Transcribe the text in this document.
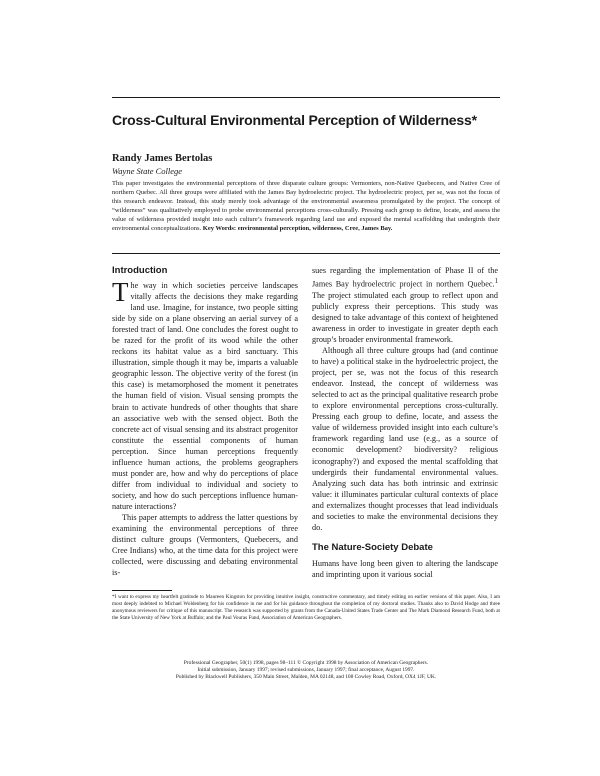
Cross-Cultural Environmental Perception of Wilderness*

Randy James Bertolas

Wayne State College

This paper investigates the environmental perceptions of three disparate culture groups: Vermonters, non-Native Quebecers, and Native Cree of northern Quebec. All three groups were affiliated with the James Bay hydroelectric project. The hydroelectric project, per se, was not the focus of this research endeavor. Instead, this study merely took advantage of the environmental awareness promulgated by the project. The concept of “wilderness” was qualitatively employed to probe environmental perceptions cross-culturally. Pressing each group to define, locate, and assess the value of wilderness provided insight into each culture’s framework regarding land use and exposed the mental scaffolding that undergirds their environmental conceptualizations. Key Words: environmental perception, wilderness, Cree, James Bay.

Introduction

The way in which societies perceive landscapes vitally affects the decisions they make regarding land use. Imagine, for instance, two people sitting side by side on a plane observing an aerial survey of a forested tract of land. One concludes the forest ought to be razed for the profit of its wood while the other reckons its habitat value as a bird sanctuary. This illustration, simple though it may be, imparts a valuable geographic lesson. The objective verity of the forest (in this case) is metamorphosed the moment it penetrates the human field of vision. Visual sensing prompts the brain to activate hundreds of other thoughts that share an associative web with the sensed object. Both the concrete act of visual sensing and its abstract progenitor constitute the essential components of human perception. Since human perceptions frequently influence human actions, the problems geographers must ponder are, how and why do perceptions of place differ from individual to individual and society to society, and how do such perceptions influence human-nature interactions?

This paper attempts to address the latter questions by examining the environmental perceptions of three distinct culture groups (Vermonters, Quebecers, and Cree Indians) who, at the time data for this project were collected, were discussing and debating environmental is-

sues regarding the implementation of Phase II of the James Bay hydroelectric project in northern Quebec.$^1$ The project stimulated each group to reflect upon and publicly express their perceptions. This study was designed to take advantage of this context of heightened awareness in order to investigate in greater depth each group’s broader environmental framework.

Although all three culture groups had (and continue to have) a political stake in the hydroelectric project, the project, per se, was not the focus of this research endeavor. Instead, the concept of wilderness was selected to act as the principal qualitative research probe to explore environmental perceptions cross-culturally. Pressing each group to define, locate, and assess the value of wilderness provided insight into each culture’s framework regarding land use (e.g., as a source of economic development? biodiversity? religious iconography?) and exposed the mental scaffolding that undergirds their fundamental environmental values. Analyzing such data has both intrinsic and extrinsic value: it illuminates particular cultural contexts of place and externalizes thought processes that lead individuals and societies to make the environmental decisions they do.

The Nature-Society Debate

Humans have long been given to altering the landscape and imprinting upon it various social

*I want to express my heartfelt gratitude to Maureen Kingston for providing intuitive insight, constructive commentary, and timely editing on earlier versions of this paper. Also, I am most deeply indebted to Michael Woldenberg for his confidence in me and for his guidance throughout the completion of my doctoral studies. Thanks also to David Hodge and three anonymous reviewers for critique of this manuscript. The research was supported by grants from the Canada-United States Trade Center and The Mark Diamond Research Fund, both at the State University of New York at Buffalo; and the Paul Vouras Fund, Association of American Geographers.

Professional Geographer, 50(1) 1998, pages 98–111 © Copyright 1998 by Association of American Geographers.
Initial submission, January 1997; revised submissions, January 1997; final acceptance, August 1997.
Published by Blackwell Publishers, 350 Main Street, Malden, MA 02148, and 108 Cowley Road, Oxford, OX4 1JF, UK.
